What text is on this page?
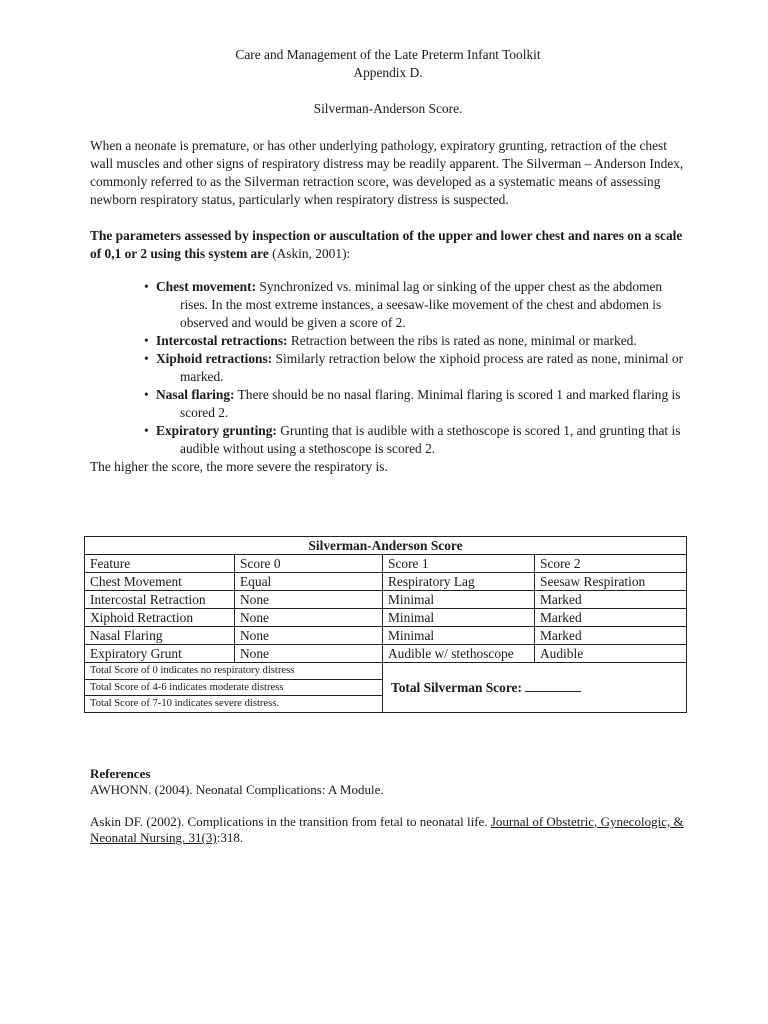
Care and Management of the Late Preterm Infant Toolkit
Appendix D.
Silverman-Anderson Score.

When a neonate is premature, or has other underlying pathology, expiratory grunting, retraction of the chest wall muscles and other signs of respiratory distress may be readily apparent. The Silverman – Anderson Index, commonly referred to as the Silverman retraction score, was developed as a systematic means of assessing newborn respiratory status, particularly when respiratory distress is suspected.

The parameters assessed by inspection or auscultation of the upper and lower chest and nares on a scale of 0,1 or 2 using this system are (Askin, 2001):

• Chest movement: Synchronized vs. minimal lag or sinking of the upper chest as the abdomen rises. In the most extreme instances, a seesaw-like movement of the chest and abdomen is observed and would be given a score of 2.
• Intercostal retractions: Retraction between the ribs is rated as none, minimal or marked.
• Xiphoid retractions: Similarly retraction below the xiphoid process are rated as none, minimal or marked.
• Nasal flaring: There should be no nasal flaring. Minimal flaring is scored 1 and marked flaring is scored 2.
• Expiratory grunting: Grunting that is audible with a stethoscope is scored 1, and grunting that is audible without using a stethoscope is scored 2.

The higher the score, the more severe the respiratory is.

Silverman-Anderson Score			
Feature	Score 0	Score 1	Score 2
Chest Movement	Equal	Respiratory Lag	Seesaw Respiration
Intercostal Retraction	None	Minimal	Marked
Xiphoid Retraction	None	Minimal	Marked
Nasal Flaring	None	Minimal	Marked
Expiratory Grunt	None	Audible w/ stethoscope	Audible
Total Score of 0 indicates no respiratory distress		Total Silverman Score:	
Total Score of 4-6 indicates moderate distress			
Total Score of 7-10 indicates severe distress.			
References
AWHONN. (2004). Neonatal Complications: A Module.
Askin DF. (2002). Complications in the transition from fetal to neonatal life. Journal of Obstetric, Gynecologic, & Neonatal Nursing. 31(3):318.
